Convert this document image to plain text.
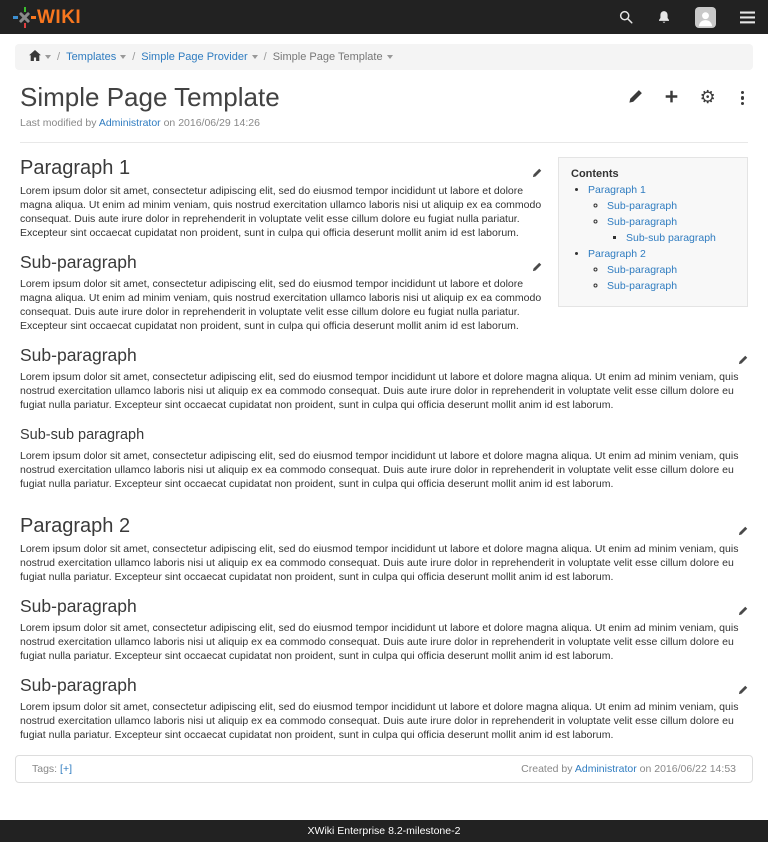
WIKI
/ Templates / Simple Page Provider / Simple Page Template
Simple Page Template	⚙
Last modified by Administrator on 2016/06/29 14:26
Contents
• Paragraph 1
◦ Sub-paragraph
◦ Sub-paragraph
▪ Sub-sub paragraph
• Paragraph 2
◦ Sub-paragraph
◦ Sub-paragraph
Paragraph 1

Lorem ipsum dolor sit amet, consectetur adipiscing elit, sed do eiusmod tempor incididunt ut labore et dolore magna aliqua. Ut enim ad minim veniam, quis nostrud exercitation ullamco laboris nisi ut aliquip ex ea commodo consequat. Duis aute irure dolor in reprehenderit in voluptate velit esse cillum dolore eu fugiat nulla pariatur. Excepteur sint occaecat cupidatat non proident, sunt in culpa qui officia deserunt mollit anim id est laborum.

Sub-paragraph

Lorem ipsum dolor sit amet, consectetur adipiscing elit, sed do eiusmod tempor incididunt ut labore et dolore magna aliqua. Ut enim ad minim veniam, quis nostrud exercitation ullamco laboris nisi ut aliquip ex ea commodo consequat. Duis aute irure dolor in reprehenderit in voluptate velit esse cillum dolore eu fugiat nulla pariatur. Excepteur sint occaecat cupidatat non proident, sunt in culpa qui officia deserunt mollit anim id est laborum.

Sub-paragraph

Lorem ipsum dolor sit amet, consectetur adipiscing elit, sed do eiusmod tempor incididunt ut labore et dolore magna aliqua. Ut enim ad minim veniam, quis nostrud exercitation ullamco laboris nisi ut aliquip ex ea commodo consequat. Duis aute irure dolor in reprehenderit in voluptate velit esse cillum dolore eu fugiat nulla pariatur. Excepteur sint occaecat cupidatat non proident, sunt in culpa qui officia deserunt mollit anim id est laborum.

Sub-sub paragraph

Lorem ipsum dolor sit amet, consectetur adipiscing elit, sed do eiusmod tempor incididunt ut labore et dolore magna aliqua. Ut enim ad minim veniam, quis nostrud exercitation ullamco laboris nisi ut aliquip ex ea commodo consequat. Duis aute irure dolor in reprehenderit in voluptate velit esse cillum dolore eu fugiat nulla pariatur. Excepteur sint occaecat cupidatat non proident, sunt in culpa qui officia deserunt mollit anim id est laborum.

Paragraph 2

Lorem ipsum dolor sit amet, consectetur adipiscing elit, sed do eiusmod tempor incididunt ut labore et dolore magna aliqua. Ut enim ad minim veniam, quis nostrud exercitation ullamco laboris nisi ut aliquip ex ea commodo consequat. Duis aute irure dolor in reprehenderit in voluptate velit esse cillum dolore eu fugiat nulla pariatur. Excepteur sint occaecat cupidatat non proident, sunt in culpa qui officia deserunt mollit anim id est laborum.

Sub-paragraph

Lorem ipsum dolor sit amet, consectetur adipiscing elit, sed do eiusmod tempor incididunt ut labore et dolore magna aliqua. Ut enim ad minim veniam, quis nostrud exercitation ullamco laboris nisi ut aliquip ex ea commodo consequat. Duis aute irure dolor in reprehenderit in voluptate velit esse cillum dolore eu fugiat nulla pariatur. Excepteur sint occaecat cupidatat non proident, sunt in culpa qui officia deserunt mollit anim id est laborum.

Sub-paragraph

Lorem ipsum dolor sit amet, consectetur adipiscing elit, sed do eiusmod tempor incididunt ut labore et dolore magna aliqua. Ut enim ad minim veniam, quis nostrud exercitation ullamco laboris nisi ut aliquip ex ea commodo consequat. Duis aute irure dolor in reprehenderit in voluptate velit esse cillum dolore eu fugiat nulla pariatur. Excepteur sint occaecat cupidatat non proident, sunt in culpa qui officia deserunt mollit anim id est laborum.

Tags: [+]	Created by Administrator on 2016/06/22 14:53
XWiki Enterprise 8.2-milestone-2
